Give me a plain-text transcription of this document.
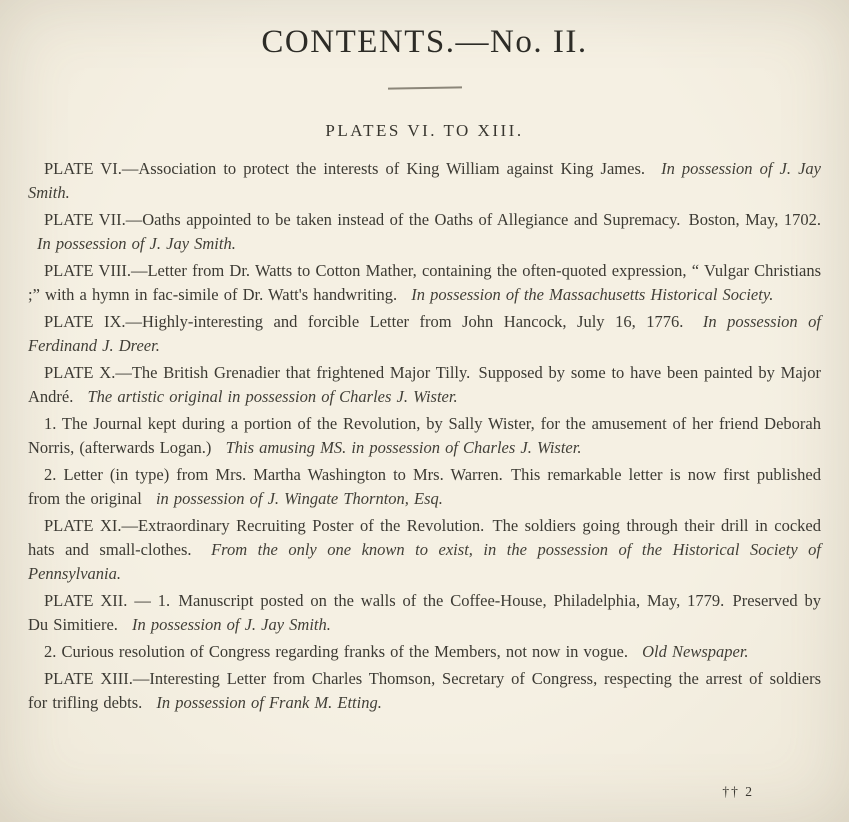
CONTENTS.—No. II.
PLATES VI. TO XIII.

PLATE VI.—Association to protect the interests of King William against King James. In possession of J. Jay Smith.

PLATE VII.—Oaths appointed to be taken instead of the Oaths of Allegiance and Supremacy. Boston, May, 1702. In possession of J. Jay Smith.

PLATE VIII.—Letter from Dr. Watts to Cotton Mather, containing the often-quoted expression, “ Vulgar Christians ;” with a hymn in fac-simile of Dr. Watt's handwriting. In possession of the Massachusetts Historical Society.

PLATE IX.—Highly-interesting and forcible Letter from John Hancock, July 16, 1776. In possession of Ferdinand J. Dreer.

PLATE X.—The British Grenadier that frightened Major Tilly. Supposed by some to have been painted by Major André. The artistic original in possession of Charles J. Wister.

1. The Journal kept during a portion of the Revolution, by Sally Wister, for the amusement of her friend Deborah Norris, (afterwards Logan.) This amusing MS. in possession of Charles J. Wister.

2. Letter (in type) from Mrs. Martha Washington to Mrs. Warren. This remarkable letter is now first published from the original in possession of J. Wingate Thornton, Esq.

PLATE XI.—Extraordinary Recruiting Poster of the Revolution. The soldiers going through their drill in cocked hats and small-clothes. From the only one known to exist, in the possession of the Historical Society of Pennsylvania.

PLATE XII. — 1. Manuscript posted on the walls of the Coffee-House, Philadelphia, May, 1779. Preserved by Du Simitiere. In possession of J. Jay Smith.

2. Curious resolution of Congress regarding franks of the Members, not now in vogue. Old Newspaper.

PLATE XIII.—Interesting Letter from Charles Thomson, Secretary of Congress, respecting the arrest of soldiers for trifling debts. In possession of Frank M. Etting.

†† 2
